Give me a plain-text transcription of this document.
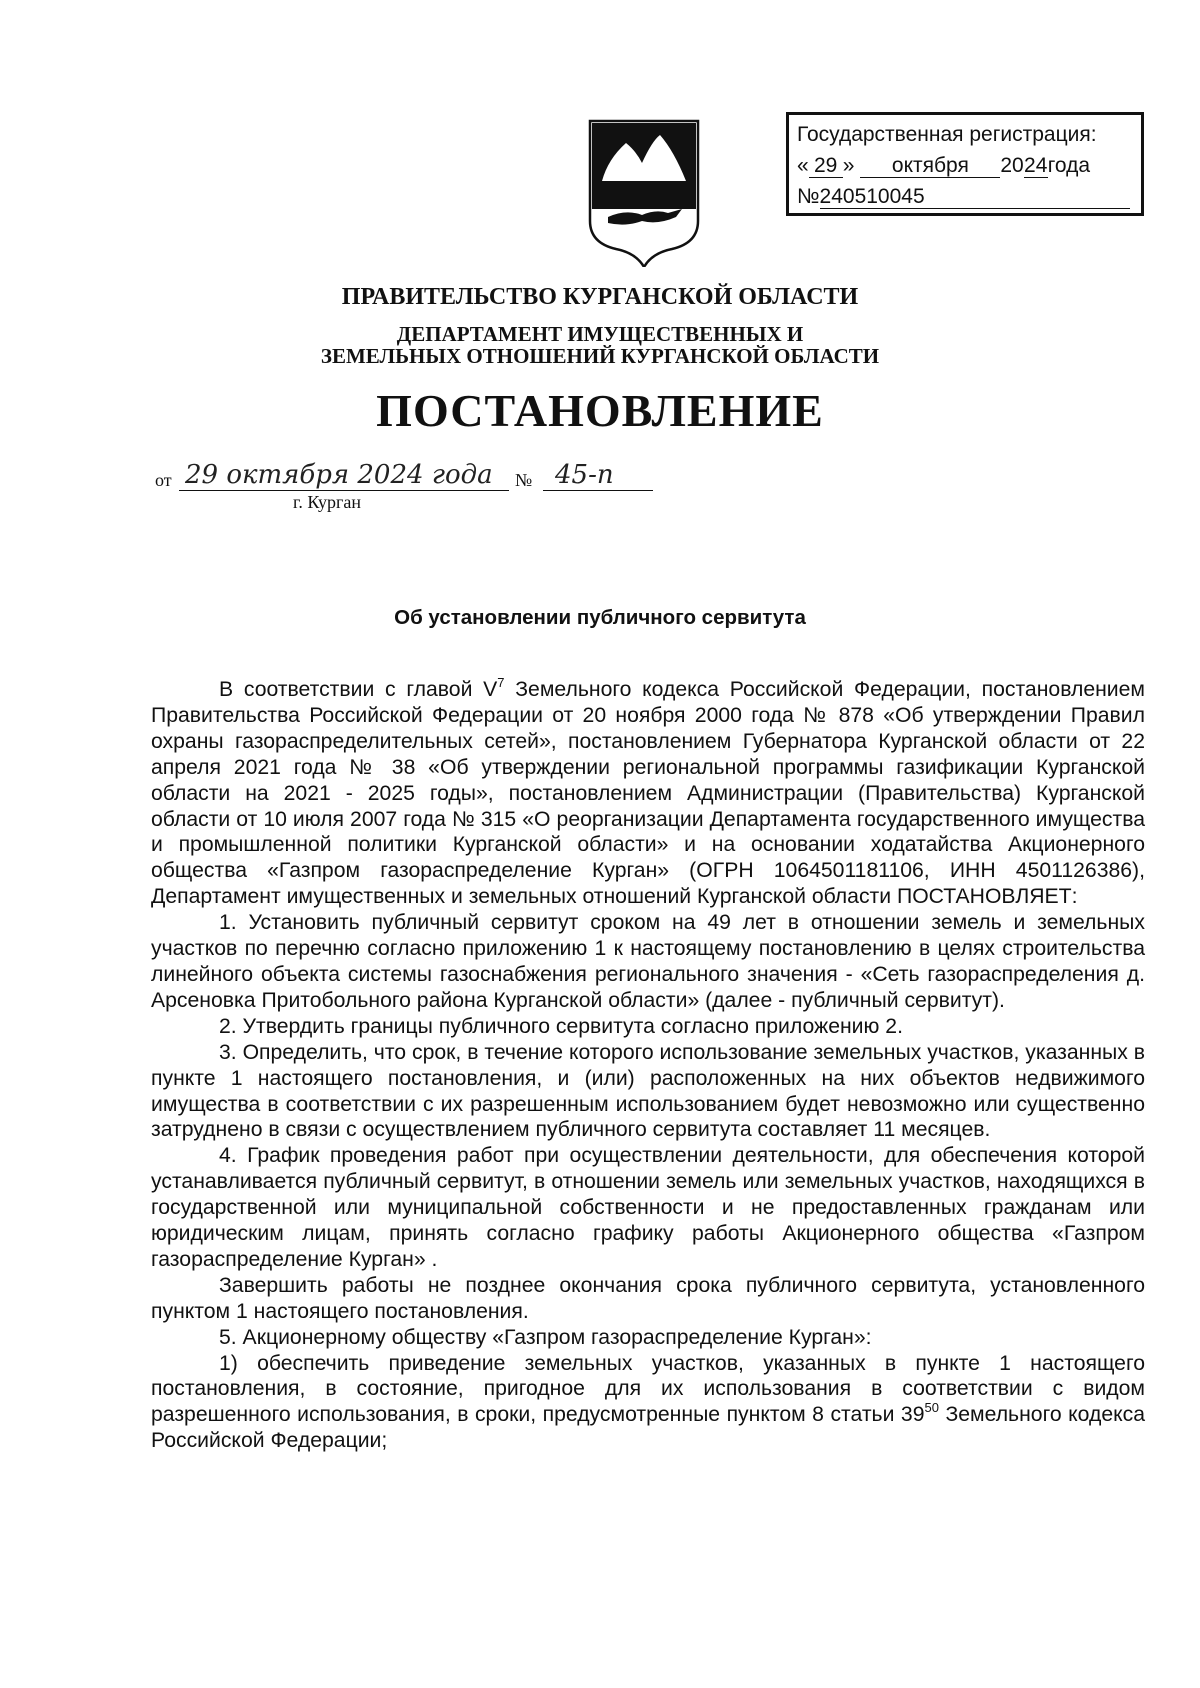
Государственная регистрация:
« 29 »	октября	20 24 года
№ 240510045
ПРАВИТЕЛЬСТВО КУРГАНСКОЙ ОБЛАСТИ
ДЕПАРТАМЕНТ ИМУЩЕСТВЕННЫХ И
ЗЕМЕЛЬНЫХ ОТНОШЕНИЙ КУРГАНСКОЙ ОБЛАСТИ
ПОСТАНОВЛЕНИЕ
от 29 октября 2024 года № 45-п
г. Курган
Об установлении публичного сервитута

В соответствии с главой $V^7$ Земельного кодекса Российской Федерации, постановлением Правительства Российской Федерации от 20 ноября 2000 года № 878 «Об утверждении Правил охраны газораспределительных сетей», постановлением Губернатора Курганской области от 22 апреля 2021 года № 38 «Об утверждении региональной программы газификации Курганской области на 2021 - 2025 годы», постановлением Администрации (Правительства) Курганской области от 10 июля 2007 года № 315 «О реорганизации Департамента государственного имущества и промышленной политики Курганской области» и на основании ходатайства Акционерного общества «Газпром газораспределение Курган» (ОГРН 1064501181106, ИНН 4501126386), Департамент имущественных и земельных отношений Курганской области ПОСТАНОВЛЯЕТ:

1. Установить публичный сервитут сроком на 49 лет в отношении земель и земельных участков по перечню согласно приложению 1 к настоящему постановлению в целях строительства линейного объекта системы газоснабжения регионального значения - «Сеть газораспределения д. Арсеновка Притобольного района Курганской области» (далее - публичный сервитут).

2. Утвердить границы публичного сервитута согласно приложению 2.

3. Определить, что срок, в течение которого использование земельных участков, указанных в пункте 1 настоящего постановления, и (или) расположенных на них объектов недвижимого имущества в соответствии с их разрешенным использованием будет невозможно или существенно затруднено в связи с осуществлением публичного сервитута составляет 11 месяцев.

4. График проведения работ при осуществлении деятельности, для обеспечения которой устанавливается публичный сервитут, в отношении земель или земельных участков, находящихся в государственной или муниципальной собственности и не предоставленных гражданам или юридическим лицам, принять согласно графику работы Акционерного общества «Газпром газораспределение Курган» .

Завершить работы не позднее окончания срока публичного сервитута, установленного пунктом 1 настоящего постановления.

5. Акционерному обществу «Газпром газораспределение Курган»:

1) обеспечить приведение земельных участков, указанных в пункте 1 настоящего постановления, в состояние, пригодное для их использования в соответствии с видом разрешенного использования, в сроки, предусмотренные пунктом 8 статьи $39^{50}$ Земельного кодекса Российской Федерации;
